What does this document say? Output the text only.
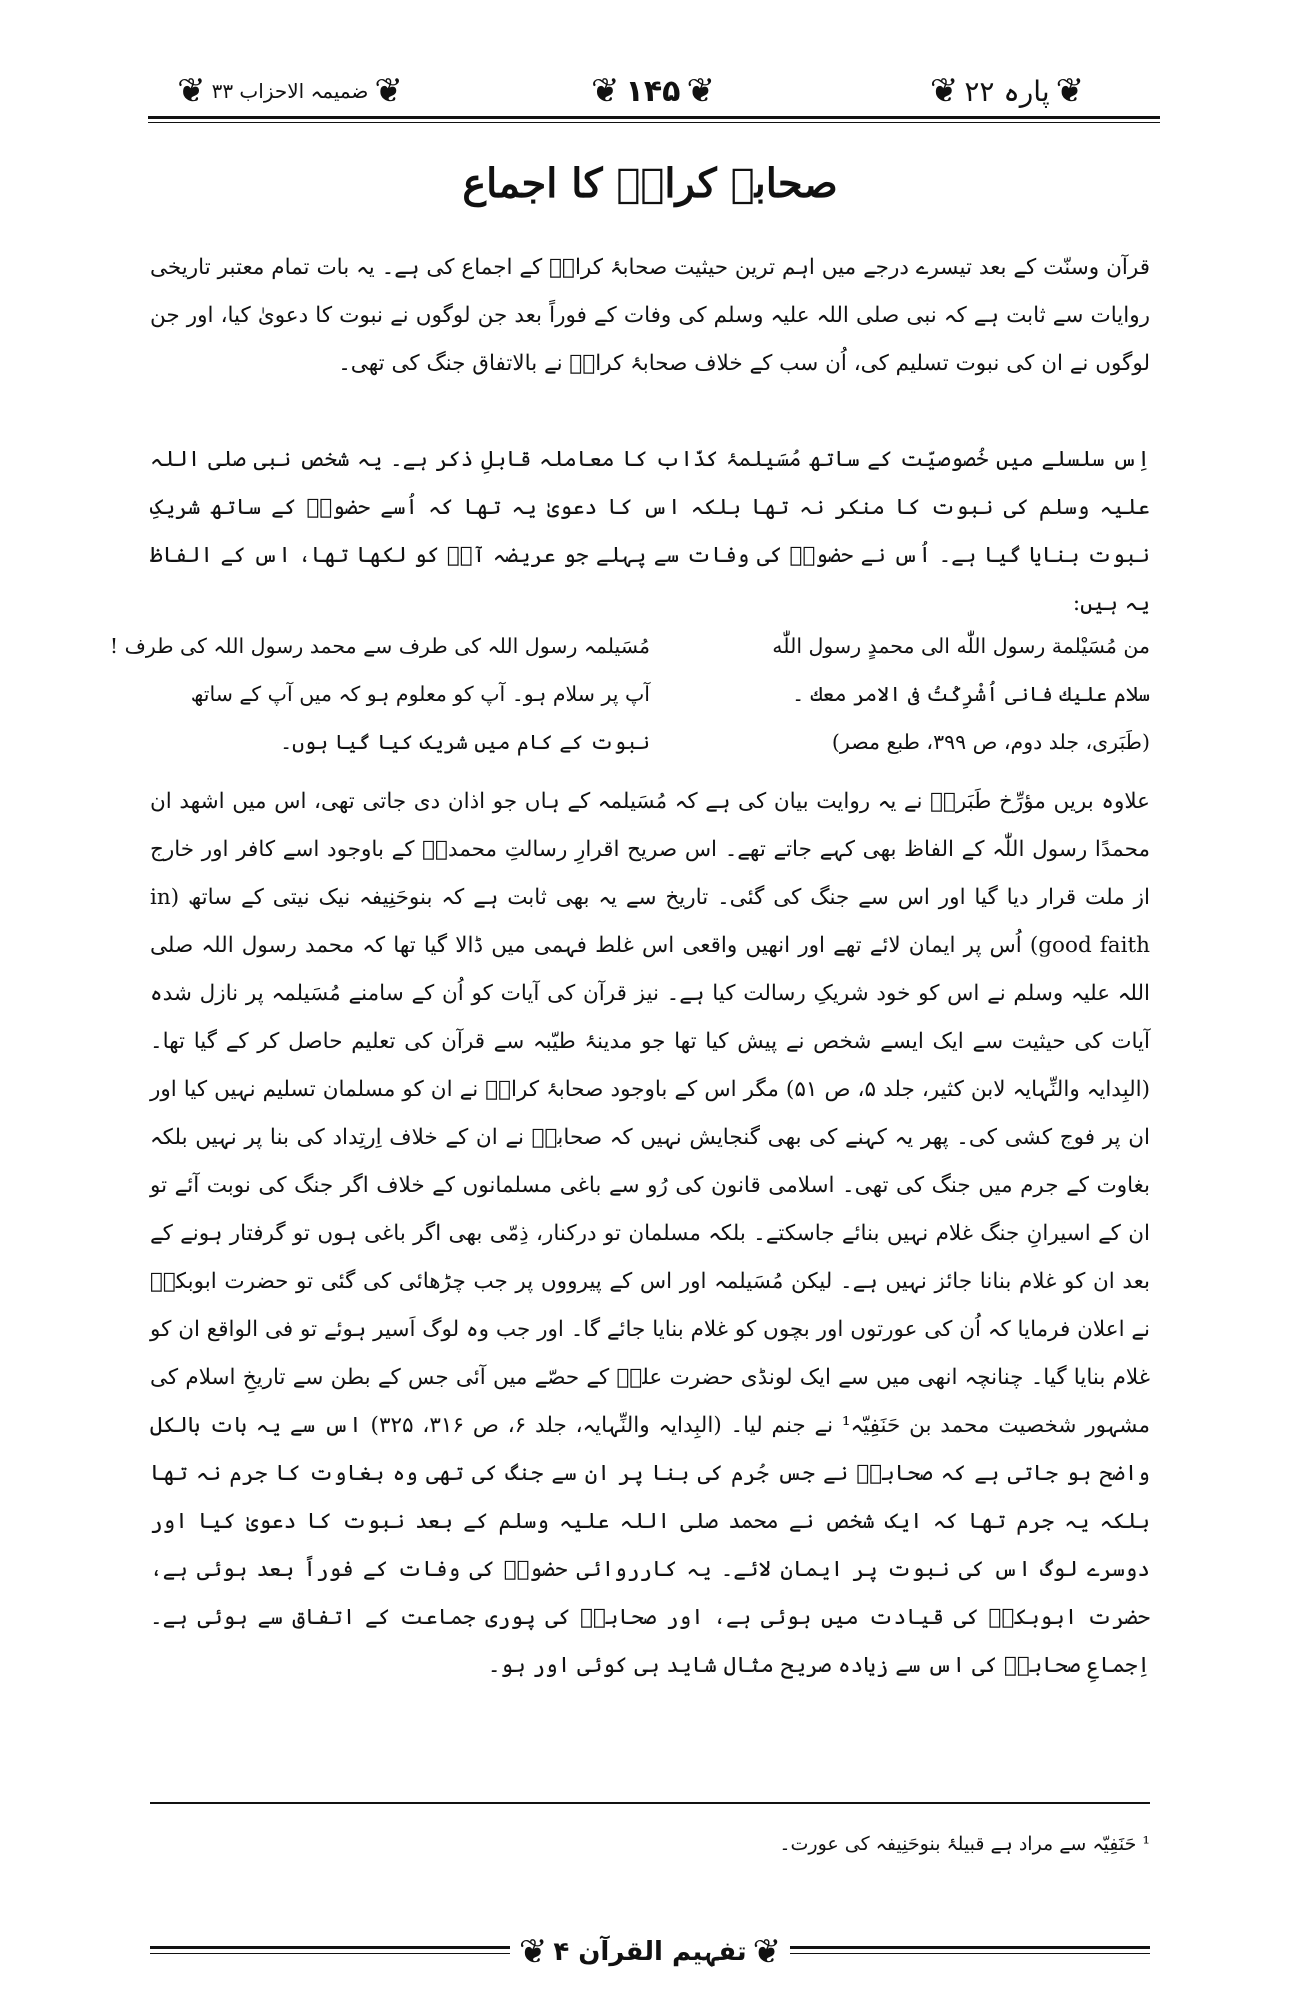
❦ ضمیمہ الاحزاب ۳۳ ❦	❦ ۱۴۵ ❦	❦ پارہ ۲۲ ❦
صحابۂ کرامؓ کا اجماع
قرآن وسنّت کے بعد تیسرے درجے میں اہم ترین حیثیت صحابۂ کرامؓ کے اجماع کی ہے۔ یہ بات تمام معتبر تاریخی روایات سے ثابت ہے کہ نبی صلی اللہ علیہ وسلم کی وفات کے فوراً بعد جن لوگوں نے نبوت کا دعویٰ کیا، اور جن لوگوں نے ان کی نبوت تسلیم کی، اُن سب کے خلاف صحابۂ کرامؓ نے بالاتفاق جنگ کی تھی۔
اِس سلسلے میں خُصوصیّت کے ساتھ مُسَیلمۂ کذّاب کا معاملہ قابلِ ذکر ہے۔ یہ شخص نبی صلی اللہ علیہ وسلم کی نبوت کا منکر نہ تھا بلکہ اس کا دعویٰ یہ تھا کہ اُسے حضورؐ کے ساتھ شریکِ نبوت بنایا گیا ہے۔ اُس نے حضورؐ کی وفات سے پہلے جو عریضہ آپؐ کو لکھا تھا، اس کے الفاظ یہ ہیں:
من مُسَیْلمة رسول اللّٰه الی محمدٍ رسول اللّٰه
سلام علیك فانی اُشْرِکْتُ فی الامر معك ۔
(طَبَری، جلد دوم، ص ۳۹۹، طبع مصر)
مُسَیلمہ رسول اللہ کی طرف سے محمد رسول اللہ کی طرف !
آپ پر سلام ہو۔ آپ کو معلوم ہو کہ میں آپ کے ساتھ
نبوت کے کام میں شریک کیا گیا ہوں۔
علاوہ بریں مؤرِّخ طَبَریؒ نے یہ روایت بیان کی ہے کہ مُسَیلمہ کے ہاں جو اذان دی جاتی تھی، اس میں اشھد ان محمدًا رسول اللّٰہ کے الفاظ بھی کہے جاتے تھے۔ اس صریح اقرارِ رسالتِ محمدیؐ کے باوجود اسے کافر اور خارج از ملت قرار دیا گیا اور اس سے جنگ کی گئی۔ تاریخ سے یہ بھی ثابت ہے کہ بنوحَنِیفہ نیک نیتی کے ساتھ (in good faith) اُس پر ایمان لائے تھے اور انھیں واقعی اس غلط فہمی میں ڈالا گیا تھا کہ محمد رسول اللہ صلی اللہ علیہ وسلم نے اس کو خود شریکِ رسالت کیا ہے۔ نیز قرآن کی آیات کو اُن کے سامنے مُسَیلمہ پر نازل شدہ آیات کی حیثیت سے ایک ایسے شخص نے پیش کیا تھا جو مدینۂ طیّبہ سے قرآن کی تعلیم حاصل کر کے گیا تھا۔ (البِدایہ والنِّہایہ لابن کثیر، جلد ۵، ص ۵۱) مگر اس کے باوجود صحابۂ کرامؓ نے ان کو مسلمان تسلیم نہیں کیا اور ان پر فوج کشی کی۔ پھر یہ کہنے کی بھی گنجایش نہیں کہ صحابہؓ نے ان کے خلاف اِرتِداد کی بنا پر نہیں بلکہ بغاوت کے جرم میں جنگ کی تھی۔ اسلامی قانون کی رُو سے باغی مسلمانوں کے خلاف اگر جنگ کی نوبت آئے تو ان کے اسیرانِ جنگ غلام نہیں بنائے جاسکتے۔ بلکہ مسلمان تو درکنار، ذِمّی بھی اگر باغی ہوں تو گرفتار ہونے کے بعد ان کو غلام بنانا جائز نہیں ہے۔ لیکن مُسَیلمہ اور اس کے پیرووں پر جب چڑھائی کی گئی تو حضرت ابوبکرؓ نے اعلان فرمایا کہ اُن کی عورتوں اور بچوں کو غلام بنایا جائے گا۔ اور جب وہ لوگ اَسیر ہوئے تو فی الواقع ان کو غلام بنایا گیا۔ چنانچہ انھی میں سے ایک لونڈی حضرت علیؓ کے حصّے میں آئی جس کے بطن سے تاریخِ اسلام کی مشہور شخصیت محمد بن حَنَفِیّہ¹ نے جنم لیا۔ (البِدایہ والنِّہایہ، جلد ۶، ص ۳۱۶، ۳۲۵) اس سے یہ بات بالکل واضح ہو جاتی ہے کہ صحابہؓ نے جس جُرم کی بنا پر ان سے جنگ کی تھی وہ بغاوت کا جرم نہ تھا بلکہ یہ جرم تھا کہ ایک شخص نے محمد صلی اللہ علیہ وسلم کے بعد نبوت کا دعویٰ کیا اور دوسرے لوگ اس کی نبوت پر ایمان لائے۔ یہ کارروائی حضورؐ کی وفات کے فوراً بعد ہوئی ہے، حضرت ابوبکرؓ کی قیادت میں ہوئی ہے، اور صحابہؓ کی پوری جماعت کے اتفاق سے ہوئی ہے۔ اِجماعِ صحابہؓ کی اس سے زیادہ صریح مثال شاید ہی کوئی اور ہو۔
¹ حَنَفِیّہ سے مراد ہے قبیلۂ بنوحَنِیفہ کی عورت۔
❦ تفہیم القرآن ۴ ❦
